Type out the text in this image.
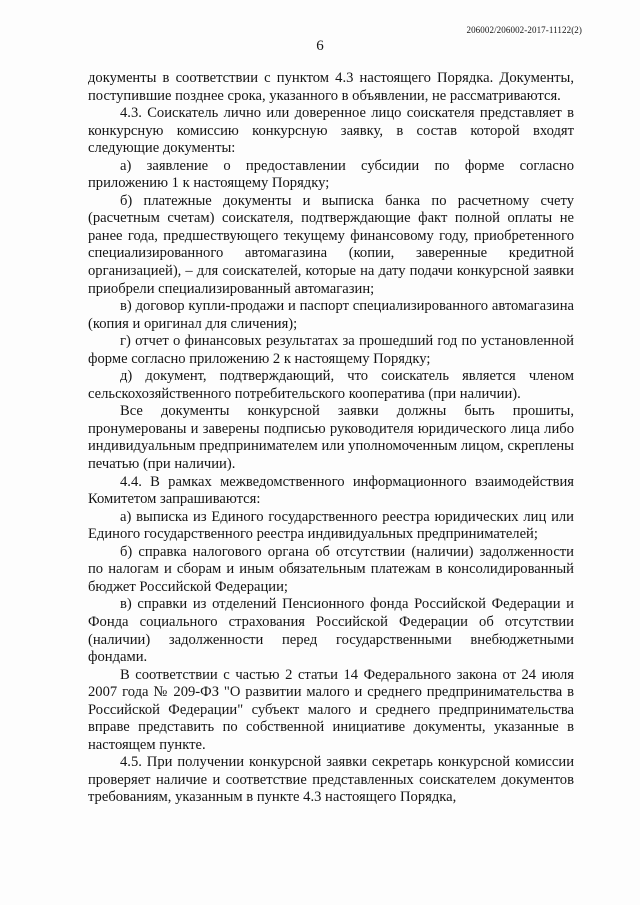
206002/206002-2017-11122(2)
6

документы в соответствии с пунктом 4.3 настоящего Порядка. Документы, поступившие позднее срока, указанного в объявлении, не рассматриваются.

4.3. Соискатель лично или доверенное лицо соискателя представляет в конкурсную комиссию конкурсную заявку, в состав которой входят следующие документы:

а) заявление о предоставлении субсидии по форме согласно приложению 1 к настоящему Порядку;

б) платежные документы и выписка банка по расчетному счету (расчетным счетам) соискателя, подтверждающие факт полной оплаты не ранее года, предшествующего текущему финансовому году, приобретенного специализированного автомагазина (копии, заверенные кредитной организацией), – для соискателей, которые на дату подачи конкурсной заявки приобрели специализированный автомагазин;

в) договор купли-продажи и паспорт специализированного автомагазина (копия и оригинал для сличения);

г) отчет о финансовых результатах за прошедший год по установленной форме согласно приложению 2 к настоящему Порядку;

д) документ, подтверждающий, что соискатель является членом сельскохозяйственного потребительского кооператива (при наличии).

Все документы конкурсной заявки должны быть прошиты, пронумерованы и заверены подписью руководителя юридического лица либо индивидуальным предпринимателем или уполномоченным лицом, скреплены печатью (при наличии).

4.4. В рамках межведомственного информационного взаимодействия Комитетом запрашиваются:

а) выписка из Единого государственного реестра юридических лиц или Единого государственного реестра индивидуальных предпринимателей;

б) справка налогового органа об отсутствии (наличии) задолженности по налогам и сборам и иным обязательным платежам в консолидированный бюджет Российской Федерации;

в) справки из отделений Пенсионного фонда Российской Федерации и Фонда социального страхования Российской Федерации об отсутствии (наличии) задолженности перед государственными внебюджетными фондами.

В соответствии с частью 2 статьи 14 Федерального закона от 24 июля 2007 года № 209-ФЗ "О развитии малого и среднего предпринимательства в Российской Федерации" субъект малого и среднего предпринимательства вправе представить по собственной инициативе документы, указанные в настоящем пункте.

4.5. При получении конкурсной заявки секретарь конкурсной комиссии проверяет наличие и соответствие представленных соискателем документов требованиям, указанным в пункте 4.3 настоящего Порядка,
